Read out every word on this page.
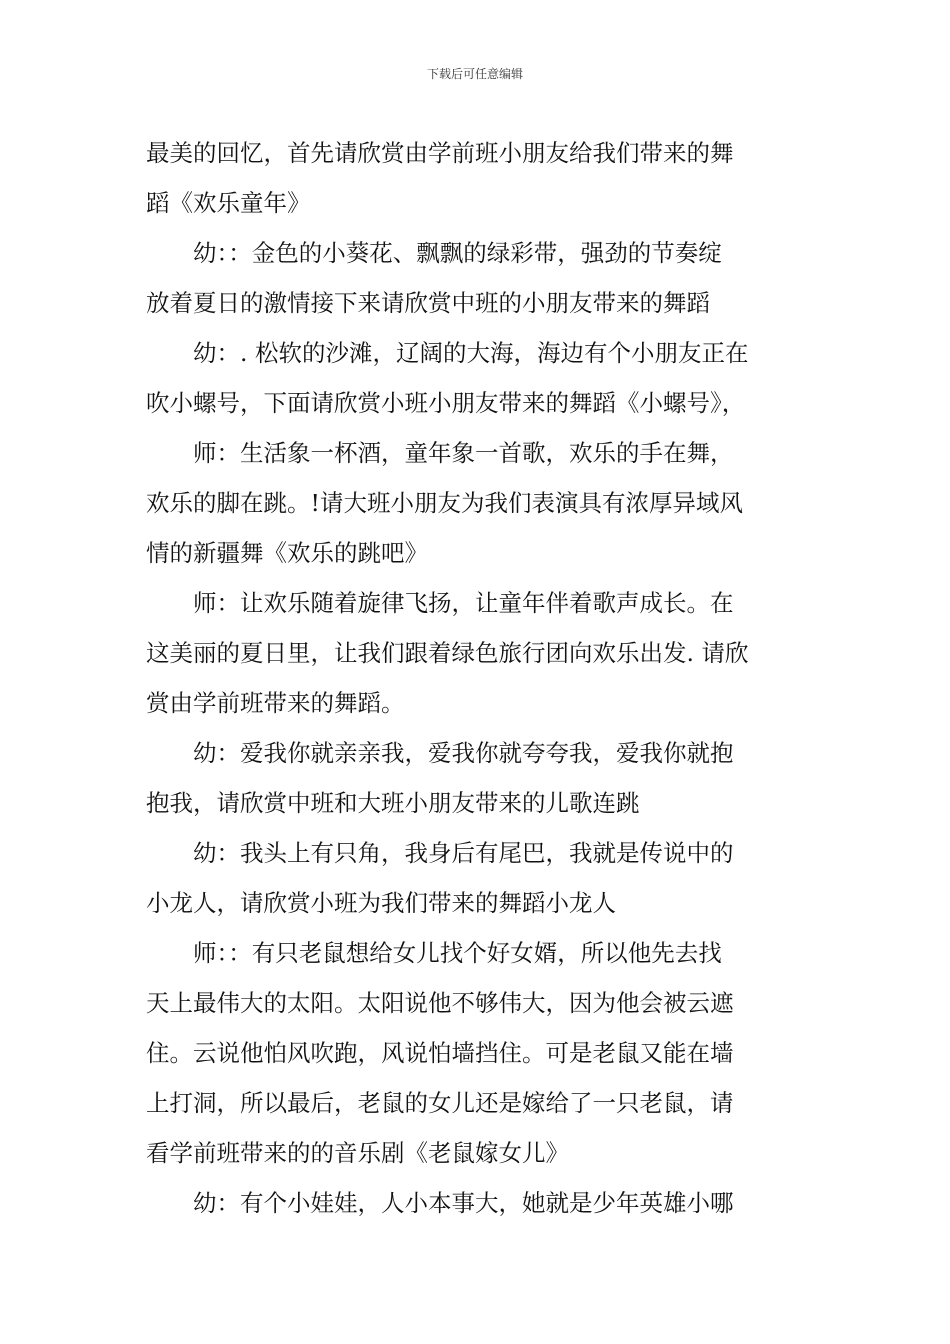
下载后可任意编辑
最美的回忆，首先请欣赏由学前班小朋友给我们带来的舞
蹈《欢乐童年》
幼：：金色的小葵花、飘飘的绿彩带，强劲的节奏绽
放着夏日的激情接下来请欣赏中班的小朋友带来的舞蹈
幼：. 松软的沙滩，辽阔的大海，海边有个小朋友正在
吹小螺号，下面请欣赏小班小朋友带来的舞蹈《小螺号》，
师：生活象一杯酒，童年象一首歌，欢乐的手在舞，
欢乐的脚在跳。!请大班小朋友为我们表演具有浓厚异域风
情的新疆舞《欢乐的跳吧》
师：让欢乐随着旋律飞扬，让童年伴着歌声成长。在
这美丽的夏日里，让我们跟着绿色旅行团向欢乐出发. 请欣
赏由学前班带来的舞蹈。
幼：爱我你就亲亲我，爱我你就夸夸我，爱我你就抱
抱我，请欣赏中班和大班小朋友带来的儿歌连跳
幼：我头上有只角，我身后有尾巴，我就是传说中的
小龙人，请欣赏小班为我们带来的舞蹈小龙人
师：：有只老鼠想给女儿找个好女婿，所以他先去找
天上最伟大的太阳。太阳说他不够伟大，因为他会被云遮
住。云说他怕风吹跑，风说怕墙挡住。可是老鼠又能在墙
上打洞，所以最后，老鼠的女儿还是嫁给了一只老鼠，请
看学前班带来的的音乐剧《老鼠嫁女儿》
幼：有个小娃娃，人小本事大，她就是少年英雄小哪
